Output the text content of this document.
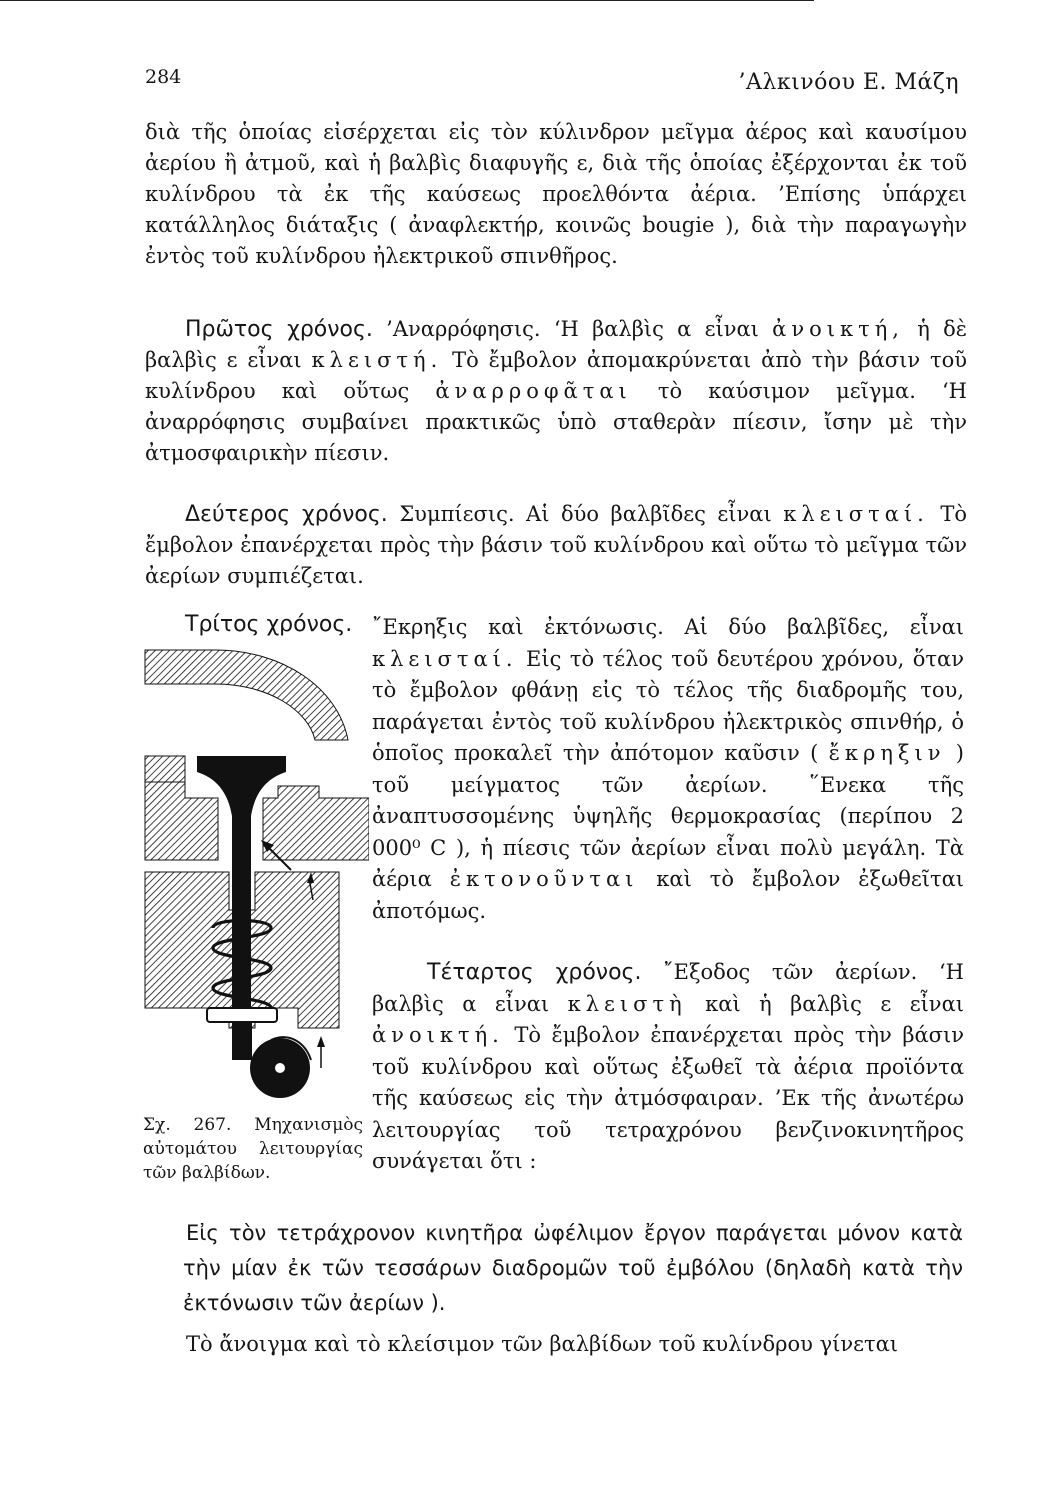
284	’Αλκινόου Ε. Μάζη

διὰ τῆς ὁποίας εἰσέρχεται εἰς τὸν κύλινδρον μεῖγμα ἀέρος καὶ καυσίμου ἀερίου ἢ ἀτμοῦ, καὶ ἡ βαλβὶς διαφυγῆς ε, διὰ τῆς ὁποίας ἐξέρχονται ἐκ τοῦ κυλίνδρου τὰ ἐκ τῆς καύσεως προελθόντα ἀέρια. ’Επίσης ὑπάρχει κατάλληλος διάταξις ( ἀναφλεκτήρ, κοινῶς bougie ), διὰ τὴν παραγωγὴν ἐντὸς τοῦ κυλίνδρου ἠλεκτρικοῦ σπινθῆρος.

Πρῶτος χρόνος. ’Αναρρόφησις. ‘Η βαλβὶς α εἶναι ἀνοικτή, ἡ δὲ βαλβὶς ε εἶναι κλειστή. Τὸ ἔμβολον ἀπομακρύνεται ἀπὸ τὴν βάσιν τοῦ κυλίνδρου καὶ οὕτως ἀναρροφᾶται τὸ καύσιμον μεῖγμα. ‘Η ἀναρρόφησις συμβαίνει πρακτικῶς ὑπὸ σταθερὰν πίεσιν, ἴσην μὲ τὴν ἀτμοσφαιρικὴν πίεσιν.

Δεύτερος χρόνος. Συμπίεσις. Αἱ δύο βαλβῖδες εἶναι κλεισταί. Τὸ ἔμβολον ἐπανέρχεται πρὸς τὴν βάσιν τοῦ κυλίνδρου καὶ οὕτω τὸ μεῖγμα τῶν ἀερίων συμπιέζεται.

Τρίτος χρόνος. ῎Εκρηξις καὶ ἐκτόνωσις. Αἱ δύο βαλβῖδες, εἶναι κλεισταί. Εἰς τὸ τέλος τοῦ δευτέρου χρόνου, ὅταν τὸ ἔμβολον φθάνῃ εἰς τὸ τέλος τῆς διαδρομῆς του, παράγεται ἐντὸς τοῦ κυλίνδρου ἠλεκτρικὸς σπινθήρ, ὁ ὁποῖος προκαλεῖ τὴν ἀπότομον καῦσιν ( ἔκρηξιν ) τοῦ μείγματος τῶν ἀερίων. ῞Ενεκα τῆς ἀναπτυσσομένης ὑψηλῆς θερμοκρασίας (περίπου 2 000⁰ C ), ἡ πίεσις τῶν ἀερίων εἶναι πολὺ μεγάλη. Τὰ ἀέρια ἐκτονοῦνται καὶ τὸ ἔμβολον ἐξωθεῖται ἀποτόμως.

Τέταρτος χρόνος. ῎Εξοδος τῶν ἀερίων. ‘Η βαλβὶς α εἶναι κλειστὴ καὶ ἡ βαλβὶς ε εἶναι ἀνοικτή. Τὸ ἔμβολον ἐπανέρχεται πρὸς τὴν βάσιν τοῦ κυλίνδρου καὶ οὕτως ἐξωθεῖ τὰ ἀέρια προϊόντα τῆς καύσεως εἰς τὴν ἀτμόσφαιραν. ’Εκ τῆς ἀνωτέρω λειτουργίας τοῦ τετραχρόνου βενζινοκινητῆρος συνάγεται ὅτι :

Σχ. 267. Μηχανισμὸς αὐτομάτου λειτουργίας τῶν βαλβίδων.

Εἰς τὸν τετράχρονον κινητῆρα ὠφέλιμον ἔργον παράγεται μόνον κατὰ τὴν μίαν ἐκ τῶν τεσσάρων διαδρομῶν τοῦ ἐμβόλου (δηλαδὴ κατὰ τὴν ἐκτόνωσιν τῶν ἀερίων ).

Τὸ ἄνοιγμα καὶ τὸ κλείσιμον τῶν βαλβίδων τοῦ κυλίνδρου γίνεται
